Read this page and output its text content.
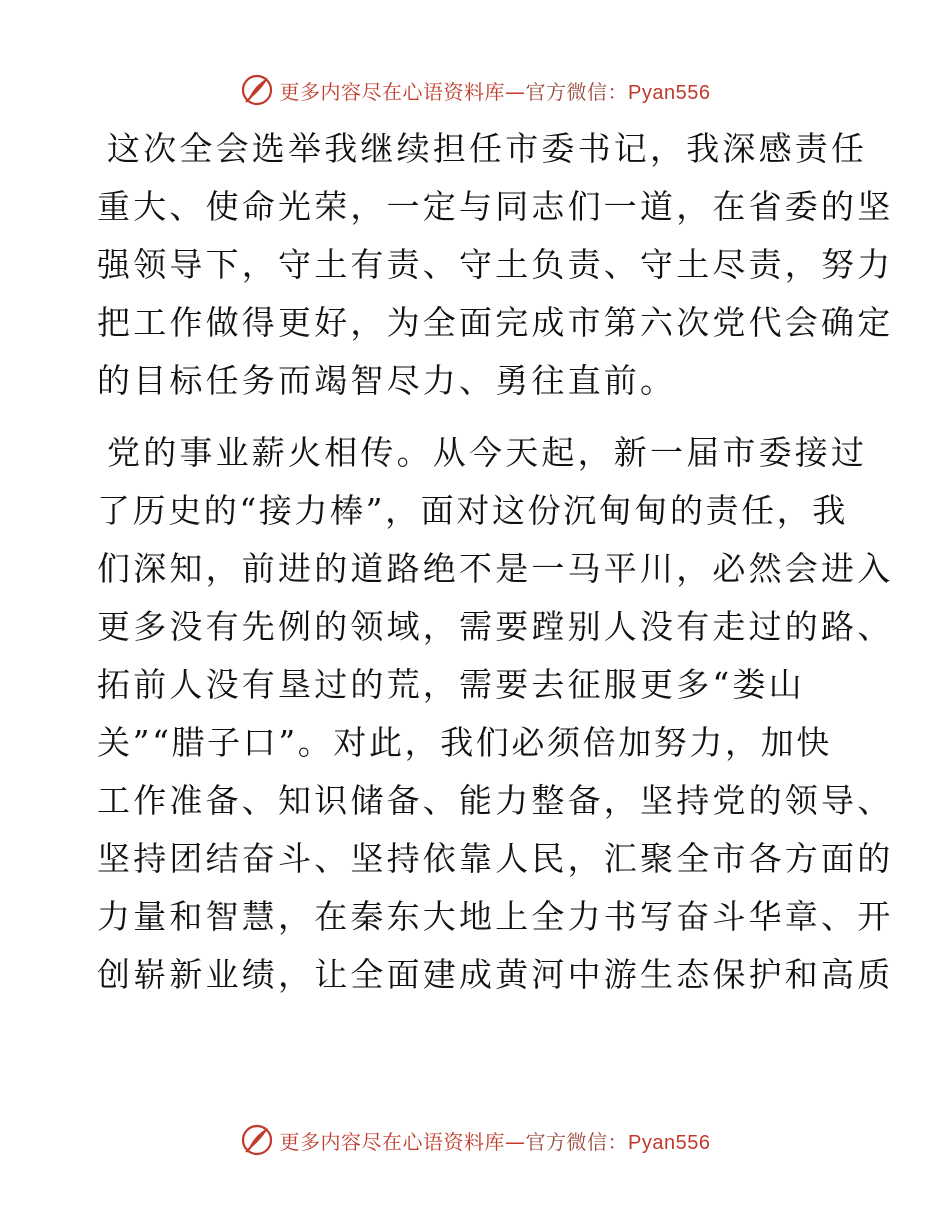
更多内容尽在心语资料库—官方微信：Pyan556
这次全会选举我继续担任市委书记，我深感责任
重大、使命光荣，一定与同志们一道，在省委的坚
强领导下，守土有责、守土负责、守土尽责，努力
把工作做得更好，为全面完成市第六次党代会确定
的目标任务而竭智尽力、勇往直前。
党的事业薪火相传。从今天起，新一届市委接过
了历史的“接力棒”，面对这份沉甸甸的责任，我
们深知，前进的道路绝不是一马平川，必然会进入
更多没有先例的领域，需要蹚别人没有走过的路、
拓前人没有垦过的荒，需要去征服更多“娄山
关”“腊子口”。对此，我们必须倍加努力，加快
工作准备、知识储备、能力整备，坚持党的领导、
坚持团结奋斗、坚持依靠人民，汇聚全市各方面的
力量和智慧，在秦东大地上全力书写奋斗华章、开
创崭新业绩，让全面建成黄河中游生态保护和高质
更多内容尽在心语资料库—官方微信：Pyan556
